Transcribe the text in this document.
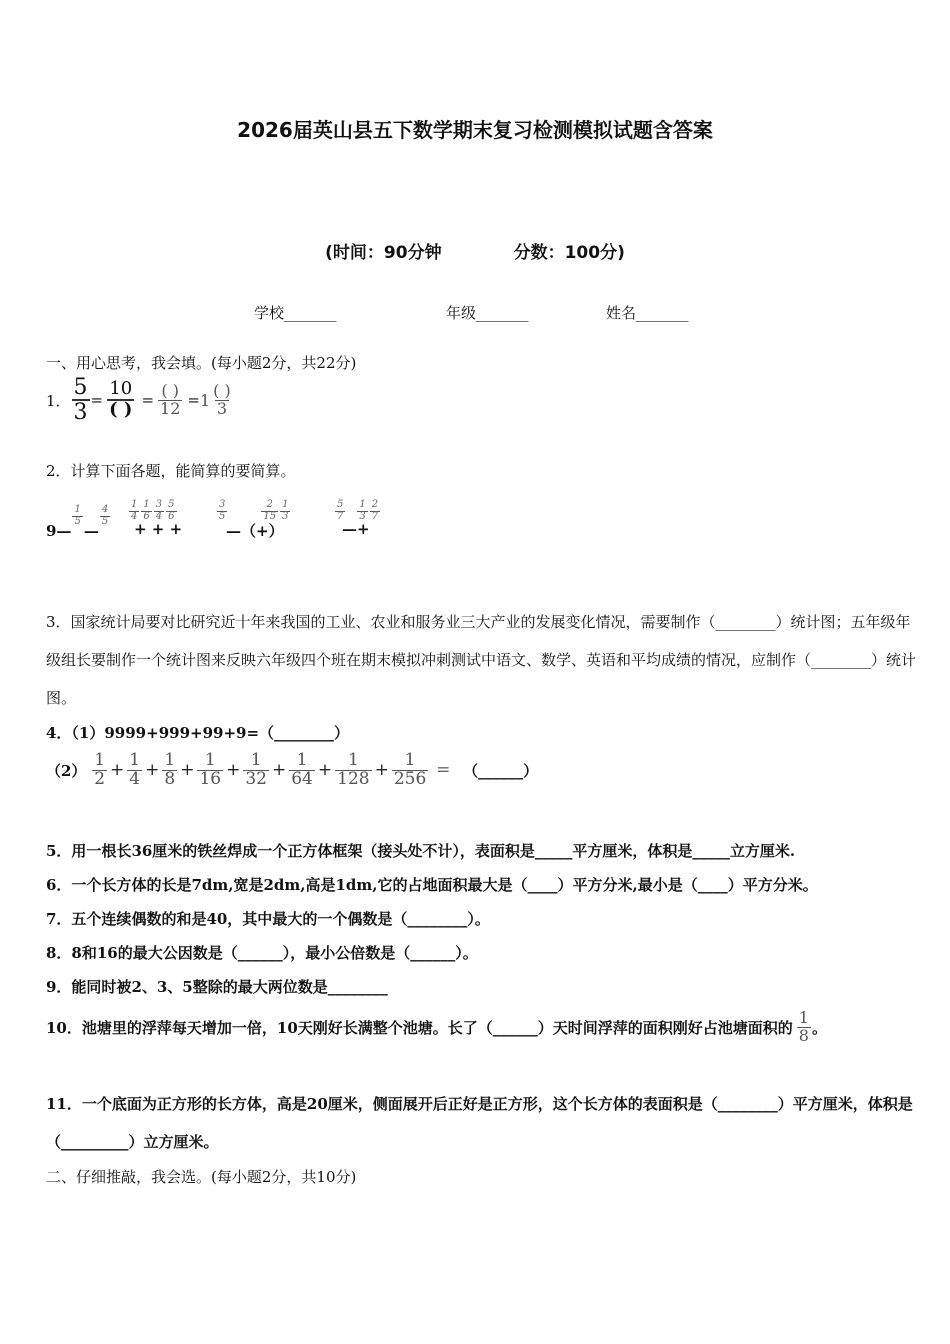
2026届英山县五下数学期末复习检测模拟试题含答案
(时间：90分钟	分数：100分)
学校_______	年级_______	姓名_______
一、用心思考，我会填。(每小题2分，共22分)
1． $\frac{5}{3} = \frac{10}{( )} = \frac{( )}{12} = 1 \frac{( )}{3}$
2．计算下面各题，能简算的要简算。
9—
$\frac{1}{5}$
—
$\frac{4}{5} \frac{1}{4} \frac{1}{6} \frac{3}{4} \frac{5}{6}$
+ + +
$\frac{3}{5}$	$\frac{2}{15} \frac{1}{3}$
—（+）
$\frac{5}{7} \frac{1}{3} \frac{2}{7}$
—+
3．国家统计局要对比研究近十年来我国的工业、农业和服务业三大产业的发展变化情况，需要制作（________）统计图；五年级年级组长要制作一个统计图来反映六年级四个班在期末模拟冲刺测试中语文、数学、英语和平均成绩的情况，应制作（________）统计图。
4．（1）9999+999+99+9=（________）
$(2) \frac{1}{2} + \frac{1}{4} + \frac{1}{8} + \frac{1}{16} + \frac{1}{32} + \frac{1}{64} + \frac{1}{128} + \frac{1}{256}$ = （______）
5．用一根长36厘米的铁丝焊成一个正方体框架（接头处不计），表面积是_____平方厘米，体积是_____立方厘米.
6．一个长方体的长是7dm,宽是2dm,高是1dm,它的占地面积最大是（____）平方分米,最小是（____）平方分米。
7．五个连续偶数的和是40，其中最大的一个偶数是（________）。
8．8和16的最大公因数是（______），最小公倍数是（______）。
9．能同时被2、3、5整除的最大两位数是________
10．池塘里的浮萍每天增加一倍，10天刚好长满整个池塘。长了（______）天时间浮萍的面积刚好占池塘面积的 $\frac{1}{8}$ 。
11．一个底面为正方形的长方体，高是20厘米，侧面展开后正好是正方形，这个长方体的表面积是（________）平方厘米，体积是（_________）立方厘米。
二、仔细推敲，我会选。(每小题2分，共10分)
